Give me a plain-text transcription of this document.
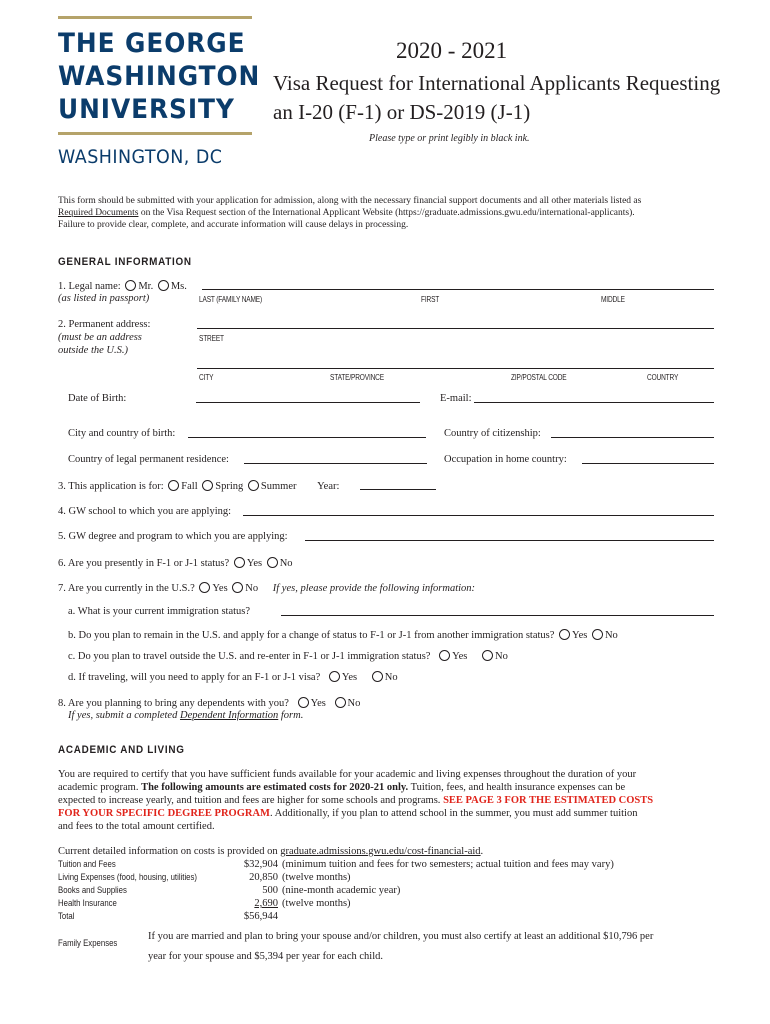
THE GEORGE
WASHINGTON
UNIVERSITY
WASHINGTON, DC
2020 - 2021
Visa Request for International Applicants Requesting
an I-20 (F-1) or DS-2019 (J-1)
Please type or print legibly in black ink.
This form should be submitted with your application for admission, along with the necessary financial support documents and all other materials listed as
Required Documents on the Visa Request section of the International Applicant Website (https://graduate.admissions.gwu.edu/international-applicants).
Failure to provide clear, complete, and accurate information will cause delays in processing.
GENERAL INFORMATION
1. Legal name: Mr. Ms.
(as listed in passport)	LAST (FAMILY NAME)	FIRST	MIDDLE
2. Permanent address:
(must be an address	STREET
outside the U.S.)
CITY	STATE/PROVINCE	ZIP/POSTAL CODE	COUNTRY
Date of Birth:	E-mail:
City and country of birth:	Country of citizenship:
Country of legal permanent residence:	Occupation in home country:
3. This application is for: Fall Spring Summer Year:
4. GW school to which you are applying:
5. GW degree and program to which you are applying:
6. Are you presently in F-1 or J-1 status? Yes No
7. Are you currently in the U.S.? Yes No If yes, please provide the following information:
a. What is your current immigration status?
b. Do you plan to remain in the U.S. and apply for a change of status to F-1 or J-1 from another immigration status? Yes No
c. Do you plan to travel outside the U.S. and re-enter in F-1 or J-1 immigration status? Yes	No
d. If traveling, will you need to apply for an F-1 or J-1 visa? Yes	No
8. Are you planning to bring any dependents with you? Yes No
If yes, submit a completed Dependent Information form.
ACADEMIC AND LIVING
You are required to certify that you have sufficient funds available for your academic and living expenses throughout the duration of your
academic program. The following amounts are estimated costs for 2020-21 only. Tuition, fees, and health insurance expenses can be
expected to increase yearly, and tuition and fees are higher for some schools and programs. SEE PAGE 3 FOR THE ESTIMATED COSTS
FOR YOUR SPECIFIC DEGREE PROGRAM. Additionally, if you plan to attend school in the summer, you must add summer tuition
and fees to the total amount certified.
Current detailed information on costs is provided on graduate.admissions.gwu.edu/cost-financial-aid.
Tuition and Fees	$32,904 (minimum tuition and fees for two semesters; actual tuition and fees may vary)
Living Expenses (food, housing, utilities)	20,850 (twelve months)
Books and Supplies	500 (nine-month academic year)
Health Insurance	2,690 (twelve months)
Total	$56,944
Family Expenses
If you are married and plan to bring your spouse and/or children, you must also certify at least an additional $10,796 per
year for your spouse and $5,394 per year for each child.
